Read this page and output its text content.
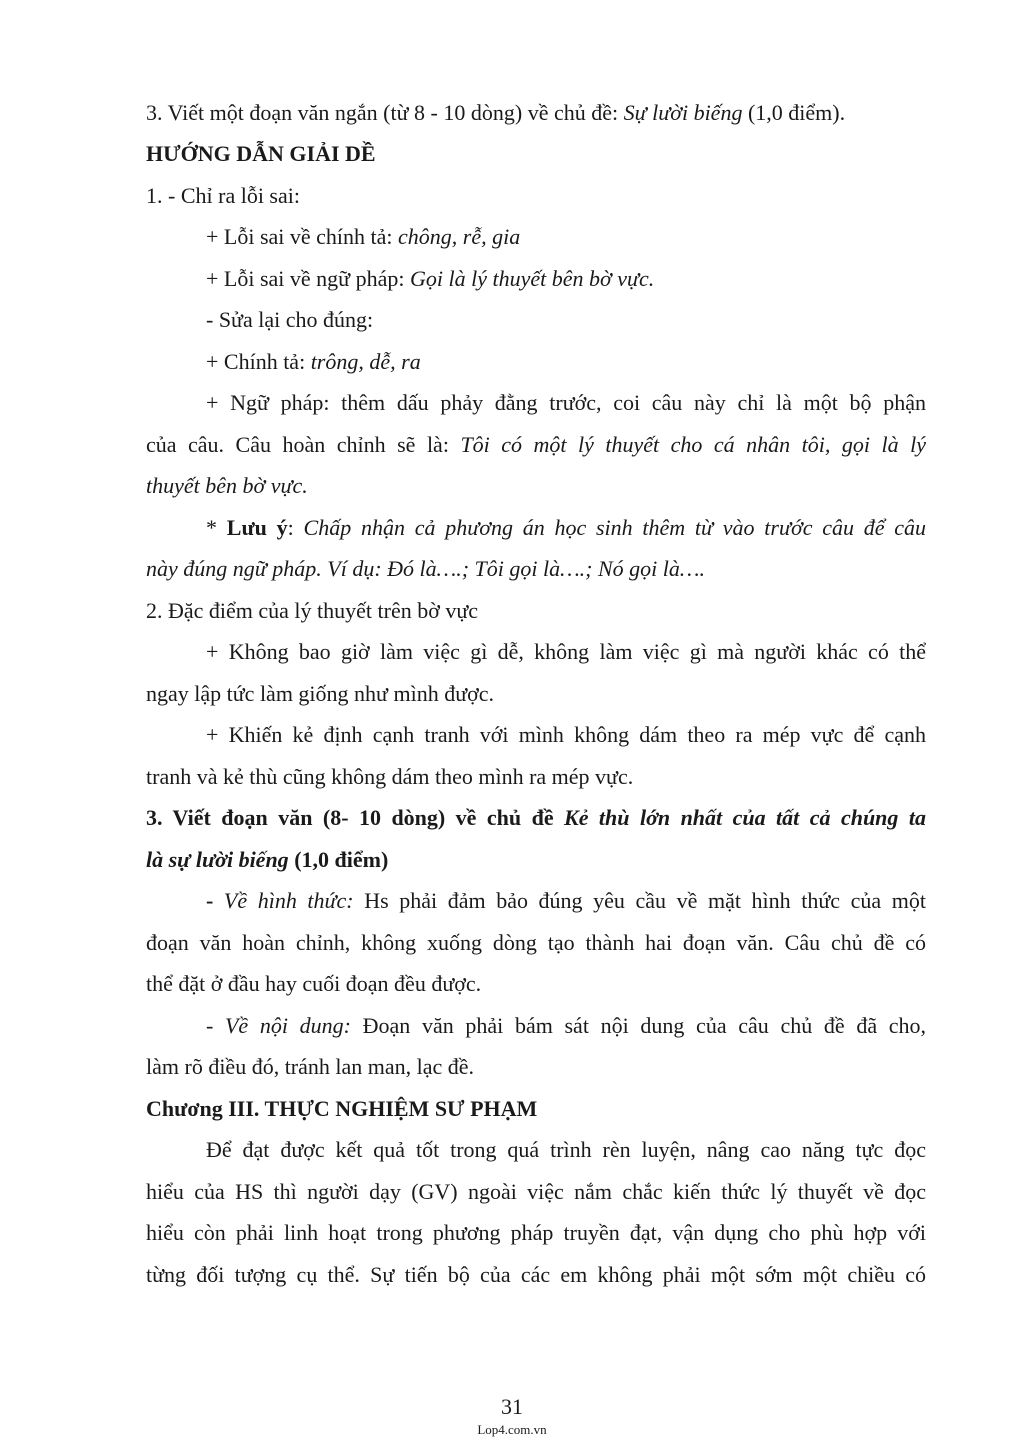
3. Viết một đoạn văn ngắn (từ 8 - 10 dòng) về chủ đề: Sự lười biếng (1,0 điểm).
HƯỚNG DẪN GIẢI DỀ
1. - Chỉ ra lỗi sai:
+ Lỗi sai về chính tả: chông, rễ, gia
+ Lỗi sai về ngữ pháp: Gọi là lý thuyết bên bờ vực.
- Sửa lại cho đúng:
+ Chính tả: trông, dễ, ra
+ Ngữ pháp: thêm dấu phảy đằng trước, coi câu này chỉ là một bộ phận
của câu. Câu hoàn chỉnh sẽ là: Tôi có một lý thuyết cho cá nhân tôi, gọi là lý
thuyết bên bờ vực.
* Lưu ý: Chấp nhận cả phương án học sinh thêm từ vào trước câu để câu
này đúng ngữ pháp. Ví dụ: Đó là….; Tôi gọi là….; Nó gọi là….
2. Đặc điểm của lý thuyết trên bờ vực
+ Không bao giờ làm việc gì dễ, không làm việc gì mà người khác có thể
ngay lập tức làm giống như mình được.
+ Khiến kẻ định cạnh tranh với mình không dám theo ra mép vực để cạnh
tranh và kẻ thù cũng không dám theo mình ra mép vực.
3. Viết đoạn văn (8- 10 dòng) về chủ đề Kẻ thù lớn nhất của tất cả chúng ta
là sự lười biếng (1,0 điểm)
- Về hình thức: Hs phải đảm bảo đúng yêu cầu về mặt hình thức của một
đoạn văn hoàn chỉnh, không xuống dòng tạo thành hai đoạn văn. Câu chủ đề có
thể đặt ở đầu hay cuối đoạn đều được.
- Về nội dung: Đoạn văn phải bám sát nội dung của câu chủ đề đã cho,
làm rõ điều đó, tránh lan man, lạc đề.
Chương III. THỰC NGHIỆM SƯ PHẠM
Để đạt được kết quả tốt trong quá trình rèn luyện, nâng cao năng tực đọc
hiểu của HS thì người dạy (GV) ngoài việc nắm chắc kiến thức lý thuyết về đọc
hiểu còn phải linh hoạt trong phương pháp truyền đạt, vận dụng cho phù hợp với
từng đối tượng cụ thể. Sự tiến bộ của các em không phải một sớm một chiều có
31
Lop4.com.vn
